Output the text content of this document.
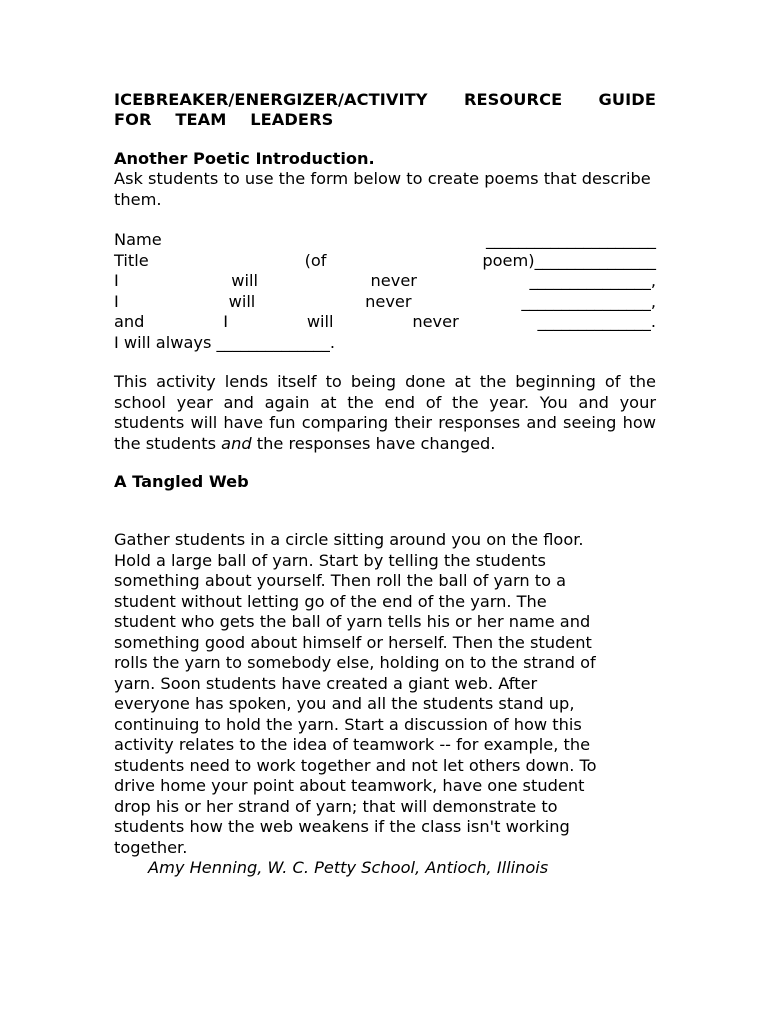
ICEBREAKER/ENERGIZER/ACTIVITY RESOURCE GUIDE
FOR TEAM LEADERS
Another Poetic Introduction.

Ask students to use the form below to create poems that describe them.

Name	_____________________
Title	(of	poem)_______________
I	will	never	_______________,
I	will	never	________________,
and	I	will	never	______________.
I will always ______________.

This activity lends itself to being done at the beginning of the school year and again at the end of the year. You and your students will have fun comparing their responses and seeing how the students and the responses have changed.

A Tangled Web
Gather students in a circle sitting around you on the floor.
Hold a large ball of yarn. Start by telling the students
something about yourself. Then roll the ball of yarn to a
student without letting go of the end of the yarn. The
student who gets the ball of yarn tells his or her name and
something good about himself or herself. Then the student
rolls the yarn to somebody else, holding on to the strand of
yarn. Soon students have created a giant web. After
everyone has spoken, you and all the students stand up,
continuing to hold the yarn. Start a discussion of how this
activity relates to the idea of teamwork -- for example, the
students need to work together and not let others down. To
drive home your point about teamwork, have one student
drop his or her strand of yarn; that will demonstrate to
students how the web weakens if the class isn't working
together.

Amy Henning, W. C. Petty School, Antioch, Illinois
